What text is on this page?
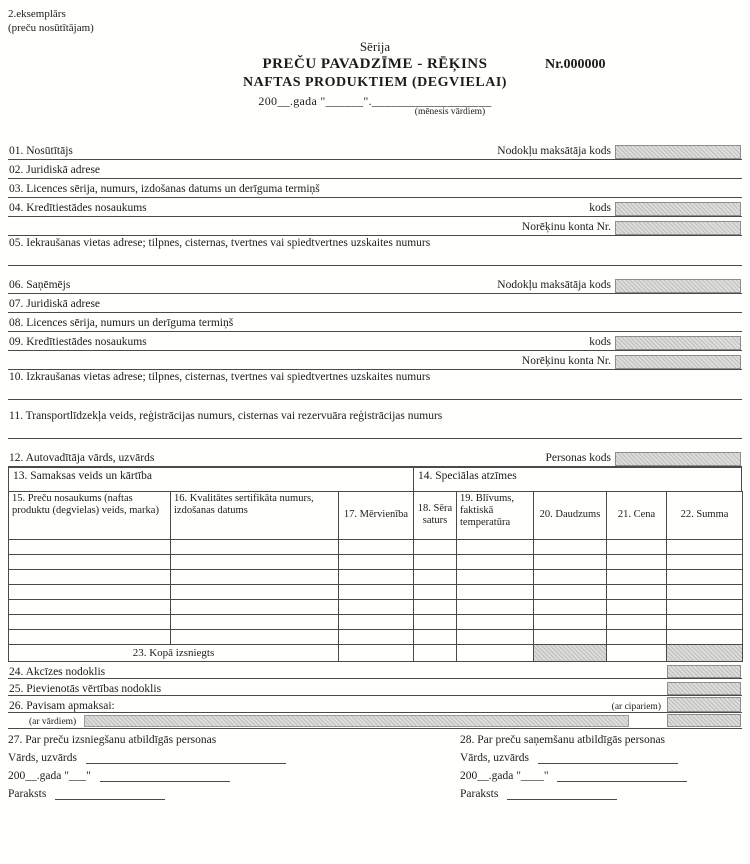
2.eksemplārs
(preču nosūtītājam)
Sērija
PREČU PAVADZĪME - RĒĶINS	Nr.000000
NAFTAS PRODUKTIEM (DEGVIELAI)
200__.gada "______".___________________
(mēnesis vārdiem)
01. Nosūtītājs	Nodokļu maksātāja kods
02. Juridiskā adrese
03. Licences sērija, numurs, izdošanas datums un derīguma termiņš
04. Kredītiestādes nosaukums	kods
Norēķinu konta Nr.
05. Iekraušanas vietas adrese; tilpnes, cisternas, tvertnes vai spiedtvertnes uzskaites numurs
06. Saņēmējs	Nodokļu maksātāja kods
07. Juridiskā adrese
08. Licences sērija, numurs un derīguma termiņš
09. Kredītiestādes nosaukums	kods
Norēķinu konta Nr.
10. Izkraušanas vietas adrese; tilpnes, cisternas, tvertnes vai spiedtvertnes uzskaites numurs
11. Transportlīdzekļa veids, reģistrācijas numurs, cisternas vai rezervuāra reģistrācijas numurs
12. Autovadītāja vārds, uzvārds	Personas kods
13. Samaksas veids un kārtība	14. Speciālas atzīmes
15. Preču nosaukums (naftas produktu (degvielas) veids, marka)	16. Kvalitātes sertifikāta numurs, izdošanas datums	17. Mērvienība	18. Sēra saturs	19. Blīvums, faktiskā temperatūra	20. Daudzums	21. Cena	22. Summa

23. Kopā izsniegts							
24. Akcīzes nodoklis
25. Pievienotās vērtības nodoklis
26. Pavisam apmaksai:	(ar cipariem)
(ar vārdiem)
27. Par preču izsniegšanu atbildīgās personas
Vārds, uzvārds
200__.gada "___"
Paraksts
28. Par preču saņemšanu atbildīgās personas
Vārds, uzvārds
200__.gada "____"
Paraksts
